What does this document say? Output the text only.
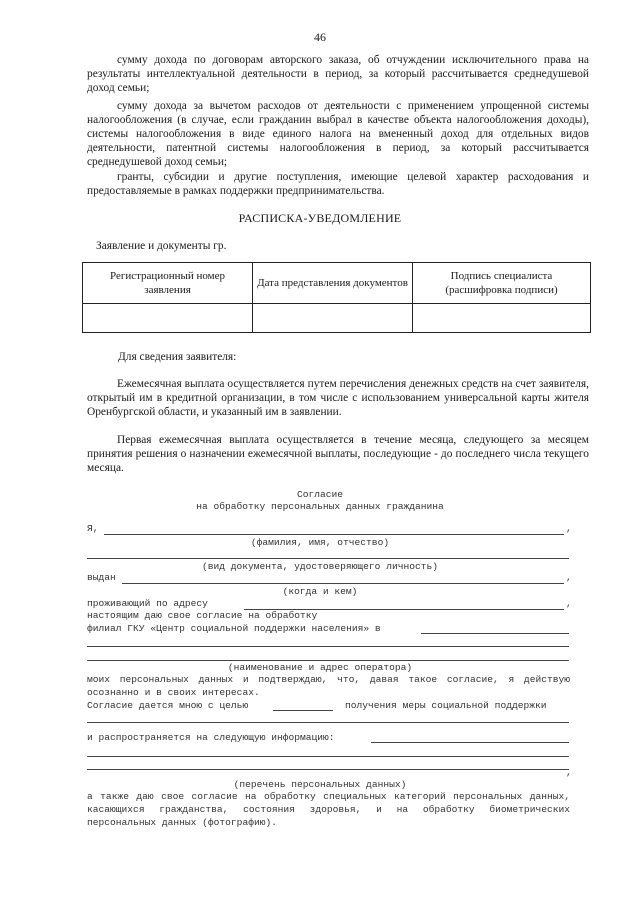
46
сумму дохода по договорам авторского заказа, об отчуждении исключительного права на результаты интеллектуальной деятельности в период, за который рассчитывается среднедушевой доход семьи;
сумму дохода за вычетом расходов от деятельности с применением упрощенной системы налогообложения (в случае, если гражданин выбрал в качестве объекта налогообложения доходы), системы налогообложения в виде единого налога на вмененный доход для отдельных видов деятельности, патентной системы налогообложения в период, за который рассчитывается среднедушевой доход семьи;
гранты, субсидии и другие поступления, имеющие целевой характер расходования и предоставляемые в рамках поддержки предпринимательства.
РАСПИСКА-УВЕДОМЛЕНИЕ
Заявление и документы гр.
Регистрационный номер заявления	Дата представления документов	Подпись специалиста (расшифровка подписи)

Для сведения заявителя:
Ежемесячная выплата осуществляется путем перечисления денежных средств на счет заявителя, открытый им в кредитной организации, в том числе с использованием универсальной карты жителя Оренбургской области, и указанный им в заявлении.
Первая ежемесячная выплата осуществляется в течение месяца, следующего за месяцем принятия решения о назначении ежемесячной выплаты, последующие - до последнего числа текущего месяца.
Согласие
на обработку персональных данных гражданина
Я,	,
(фамилия, имя, отчество)
(вид документа, удостоверяющего личность)
выдан	,
(когда и кем)
проживающий по адресу	,
настоящим даю свое согласие на обработку
филиал ГКУ «Центр социальной поддержки населения» в
(наименование и адрес оператора)
моих персональных данных и подтверждаю, что, давая такое согласие, я действую осознанно и в своих интересах.
Согласие дается мною с целью	получения меры социальной поддержки
и распространяется на следующую информацию:
,
(перечень персональных данных)
а также даю свое согласие на обработку специальных категорий персональных данных, касающихся гражданства, состояния здоровья, и на обработку биометрических персональных данных (фотографию).
